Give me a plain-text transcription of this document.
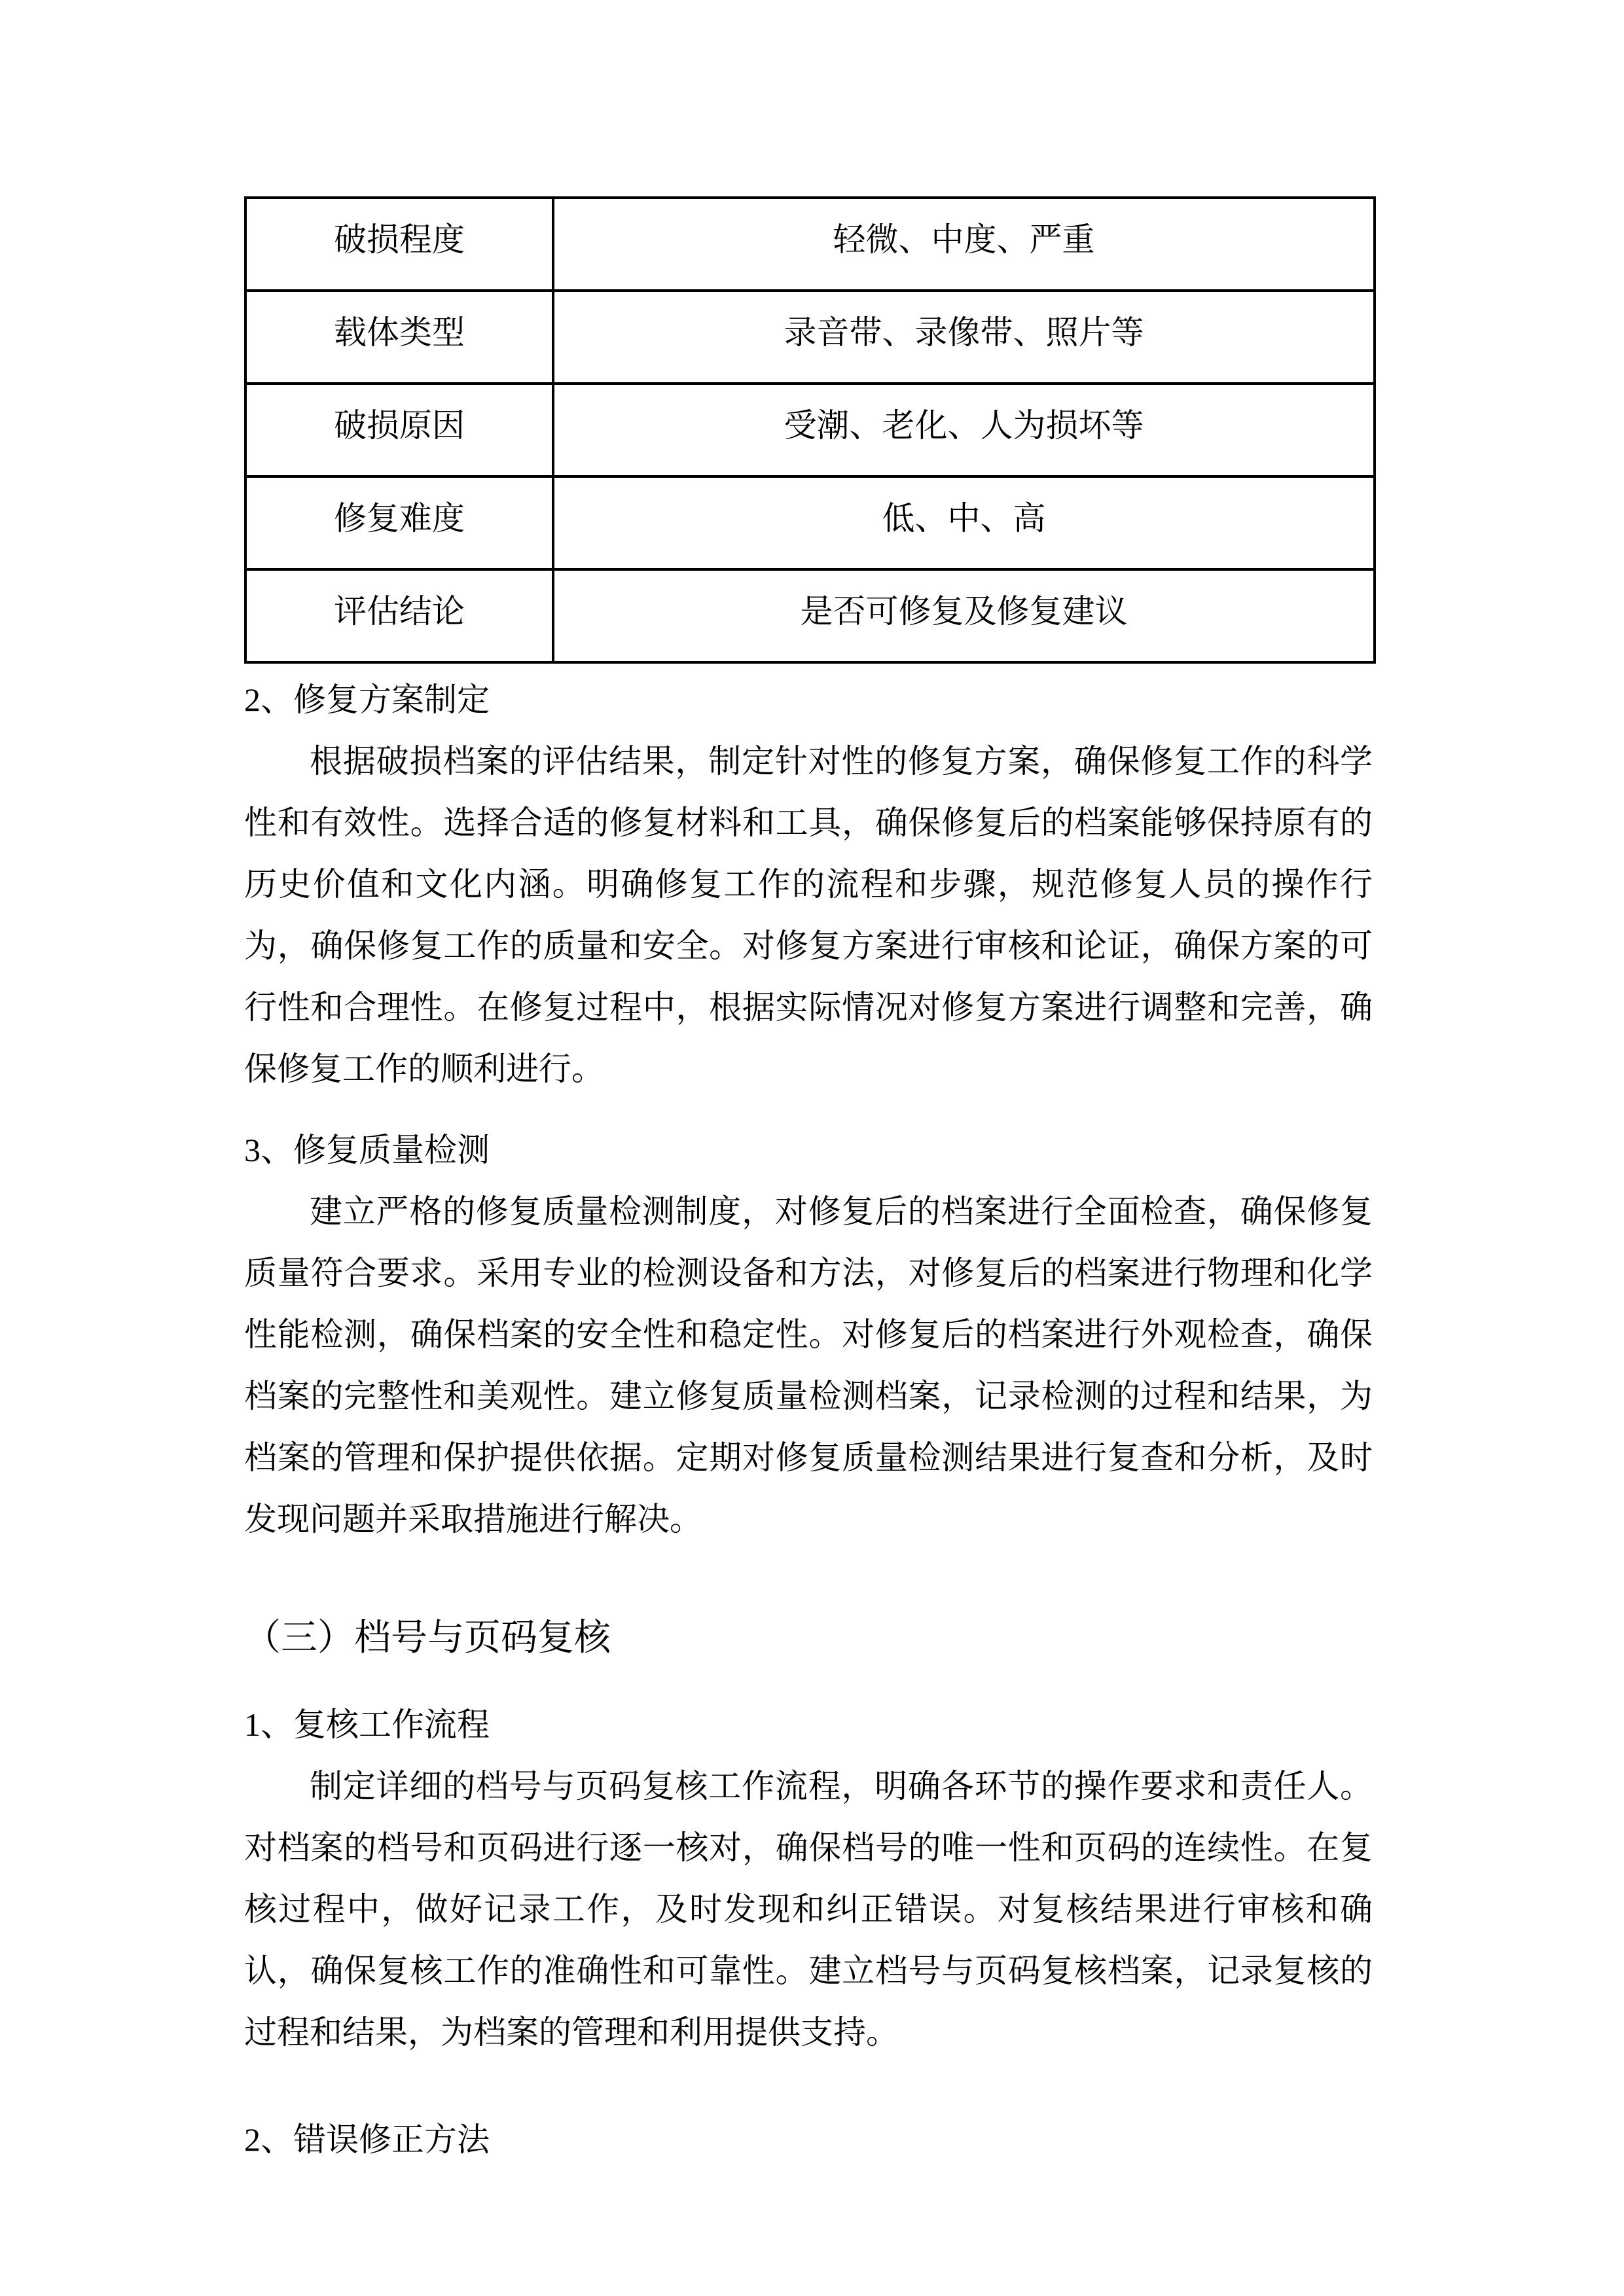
破损程度	轻微、中度、严重
载体类型	录音带、录像带、照片等
破损原因	受潮、老化、人为损坏等
修复难度	低、中、高
评估结论	是否可修复及修复建议
2、修复方案制定

根据破损档案的评估结果，制定针对性的修复方案，确保修复工作的科学性和有效性。选择合适的修复材料和工具，确保修复后的档案能够保持原有的历史价值和文化内涵。明确修复工作的流程和步骤，规范修复人员的操作行为，确保修复工作的质量和安全。对修复方案进行审核和论证，确保方案的可行性和合理性。在修复过程中，根据实际情况对修复方案进行调整和完善，确保修复工作的顺利进行。

3、修复质量检测

建立严格的修复质量检测制度，对修复后的档案进行全面检查，确保修复质量符合要求。采用专业的检测设备和方法，对修复后的档案进行物理和化学性能检测，确保档案的安全性和稳定性。对修复后的档案进行外观检查，确保档案的完整性和美观性。建立修复质量检测档案，记录检测的过程和结果，为档案的管理和保护提供依据。定期对修复质量检测结果进行复查和分析，及时发现问题并采取措施进行解决。

（三）档号与页码复核
1、复核工作流程

制定详细的档号与页码复核工作流程，明确各环节的操作要求和责任人。对档案的档号和页码进行逐一核对，确保档号的唯一性和页码的连续性。在复核过程中，做好记录工作，及时发现和纠正错误。对复核结果进行审核和确认，确保复核工作的准确性和可靠性。建立档号与页码复核档案，记录复核的过程和结果，为档案的管理和利用提供支持。

2、错误修正方法
